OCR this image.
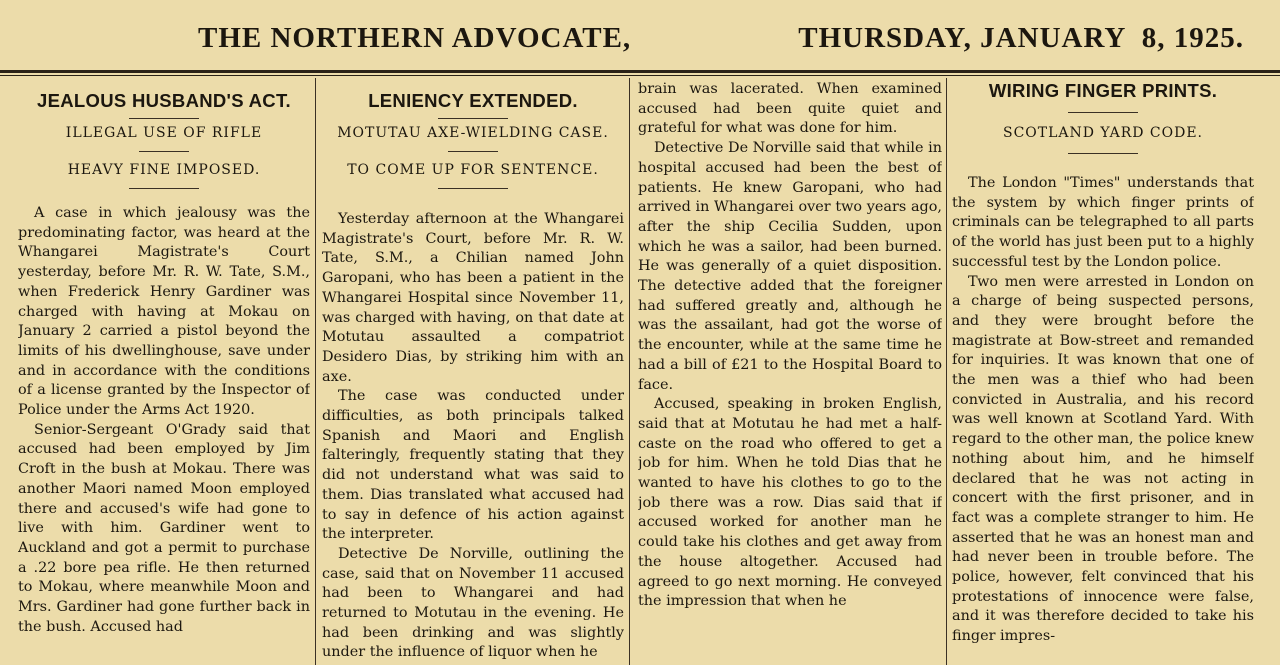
THE NORTHERN ADVOCATE,	THURSDAY, JANUARY  8, 1925.

JEALOUS HUSBAND'S ACT.

ILLEGAL USE OF RIFLE

HEAVY FINE IMPOSED.

A case in which jealousy was the predominating factor, was heard at the Whangarei Magistrate's Court yesterday, before Mr. R. W. Tate, S.M., when Frederick Henry Gardiner was charged with having at Mokau on January 2 carried a pistol beyond the limits of his dwellinghouse, save under and in accordance with the conditions of a license granted by the Inspector of Police under the Arms Act 1920.

Senior-Sergeant O'Grady said that accused had been employed by Jim Croft in the bush at Mokau. There was another Maori named Moon employed there and accused's wife had gone to live with him. Gardiner went to Auckland and got a permit to purchase a .22 bore pea rifle. He then returned to Mokau, where meanwhile Moon and Mrs. Gardiner had gone further back in the bush. Accused had

LENIENCY EXTENDED.

MOTUTAU AXE-WIELDING CASE.

TO COME UP FOR SENTENCE.

Yesterday afternoon at the Whangarei Magistrate's Court, before Mr. R. W. Tate, S.M., a Chilian named John Garopani, who has been a patient in the Whangarei Hospital since November 11, was charged with having, on that date at Motutau assaulted a compatriot Desidero Dias, by striking him with an axe.

The case was conducted under difficulties, as both principals talked Spanish and Maori and English falteringly, frequently stating that they did not understand what was said to them. Dias translated what accused had to say in defence of his action against the interpreter.

Detective De Norville, outlining the case, said that on November 11 accused had been to Whangarei and had returned to Motutau in the evening. He had been drinking and was slightly under the influence of liquor when he

brain was lacerated. When examined accused had been quite quiet and grateful for what was done for him.

Detective De Norville said that while in hospital accused had been the best of patients. He knew Garopani, who had arrived in Whangarei over two years ago, after the ship Cecilia Sudden, upon which he was a sailor, had been burned. He was generally of a quiet disposition. The detective added that the foreigner had suffered greatly and, although he was the assailant, had got the worse of the encounter, while at the same time he had a bill of £21 to the Hospital Board to face.

Accused, speaking in broken English, said that at Motutau he had met a half-caste on the road who offered to get a job for him. When he told Dias that he wanted to have his clothes to go to the job there was a row. Dias said that if accused worked for another man he could take his clothes and get away from the house altogether. Accused had agreed to go next morning. He conveyed the impression that when he

WIRING FINGER PRINTS.

SCOTLAND YARD CODE.

The London "Times" understands that the system by which finger prints of criminals can be telegraphed to all parts of the world has just been put to a highly successful test by the London police.

Two men were arrested in London on a charge of being suspected persons, and they were brought before the magistrate at Bow-street and remanded for inquiries. It was known that one of the men was a thief who had been convicted in Australia, and his record was well known at Scotland Yard. With regard to the other man, the police knew nothing about him, and he himself declared that he was not acting in concert with the first prisoner, and in fact was a complete stranger to him. He asserted that he was an honest man and had never been in trouble before. The police, however, felt convinced that his protestations of innocence were false, and it was therefore decided to take his finger impres-
